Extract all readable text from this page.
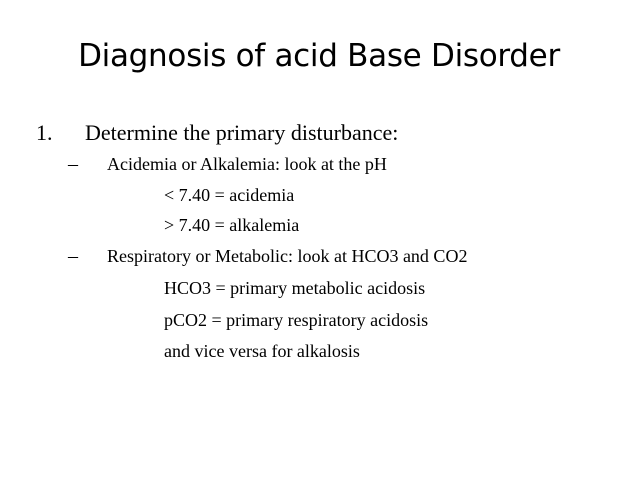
Diagnosis of acid Base Disorder
1. Determine the primary disturbance:
– Acidemia or Alkalemia: look at the pH
< 7.40 = acidemia
> 7.40 = alkalemia
– Respiratory or Metabolic: look at HCO3 and CO2
HCO3 = primary metabolic acidosis
pCO2 = primary respiratory acidosis
and vice versa for alkalosis
